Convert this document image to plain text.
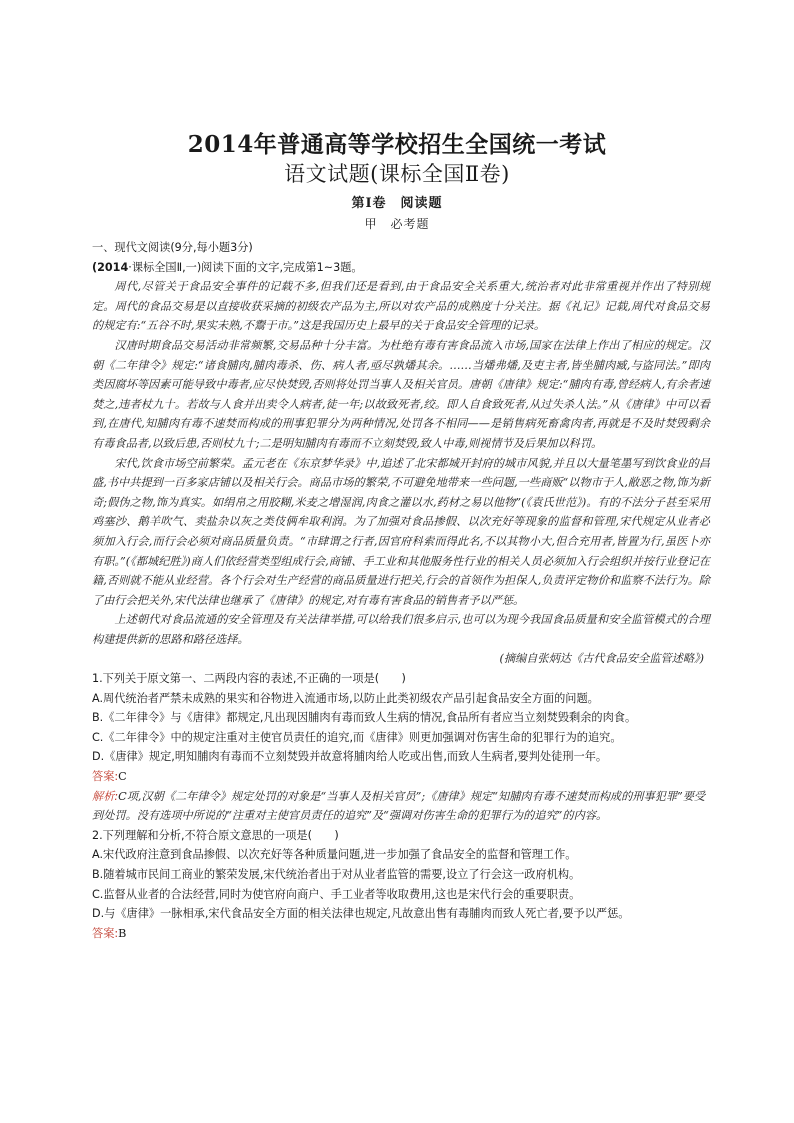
2014年普通高等学校招生全国统一考试
语文试题(课标全国Ⅱ卷)
第Ⅰ卷　阅读题
甲　必考题

一、现代文阅读(9分,每小题3分)

(2014·课标全国Ⅱ,一)阅读下面的文字,完成第1~3题。

周代,尽管关于食品安全事件的记载不多,但我们还是看到,由于食品安全关系重大,统治者对此非常重视并作出了特别规定。周代的食品交易是以直接收获采摘的初级农产品为主,所以对农产品的成熟度十分关注。据《礼记》记载,周代对食品交易的规定有:“五谷不时,果实未熟,不鬻于市。”这是我国历史上最早的关于食品安全管理的记录。

汉唐时期食品交易活动非常频繁,交易品种十分丰富。为杜绝有毒有害食品流入市场,国家在法律上作出了相应的规定。汉朝《二年律令》规定:“诸食脯肉,脯肉毒杀、伤、病人者,亟尽孰燔其余。……当燔弗燔,及吏主者,皆坐脯肉臧,与盗同法。”即肉类因腐坏等因素可能导致中毒者,应尽快焚毁,否则将处罚当事人及相关官员。唐朝《唐律》规定:“脯肉有毒,曾经病人,有余者速焚之,违者杖九十。若故与人食并出卖令人病者,徒一年;以故致死者,绞。即人自食致死者,从过失杀人法。”从《唐律》中可以看到,在唐代,知脯肉有毒不速焚而构成的刑事犯罪分为两种情况,处罚各不相同——是销售病死畜禽肉者,再就是不及时焚毁剩余有毒食品者,以致后患,否则杖九十;二是明知脯肉有毒而不立刻焚毁,致人中毒,则视情节及后果加以科罚。

宋代,饮食市场空前繁荣。孟元老在《东京梦华录》中,追述了北宋都城开封府的城市风貌,并且以大量笔墨写到饮食业的昌盛,书中共提到一百多家店铺以及相关行会。商品市场的繁荣,不可避免地带来一些问题,一些商贩“以物市于人,敝恶之物,饰为新奇;假伪之物,饰为真实。如绢帛之用胶糊,米麦之增湿润,肉食之灌以水,药材之易以他物”(《袁氏世范》)。有的不法分子甚至采用鸡塞沙、鹅羊吹气、卖盐杂以灰之类伎俩牟取利润。为了加强对食品掺假、以次充好等现象的监督和管理,宋代规定从业者必须加入行会,而行会必须对商品质量负责。“市肆谓之行者,因官府科索而得此名,不以其物小大,但合充用者,皆置为行,虽医卜亦有职。”(《都城纪胜》)商人们依经营类型组成行会,商铺、手工业和其他服务性行业的相关人员必须加入行会组织并按行业登记在籍,否则就不能从业经营。各个行会对生产经营的商品质量进行把关,行会的首领作为担保人,负责评定物价和监察不法行为。除了由行会把关外,宋代法律也继承了《唐律》的规定,对有毒有害食品的销售者予以严惩。

上述朝代对食品流通的安全管理及有关法律举措,可以给我们很多启示,也可以为现今我国食品质量和安全监管模式的合理构建提供新的思路和路径选择。

(摘编自张炳达《古代食品安全监管述略》)

1.下列关于原文第一、二两段内容的表述,不正确的一项是(　　)

A.周代统治者严禁未成熟的果实和谷物进入流通市场,以防止此类初级农产品引起食品安全方面的问题。

B.《二年律令》与《唐律》都规定,凡出现因脯肉有毒而致人生病的情况,食品所有者应当立刻焚毁剩余的肉食。

C.《二年律令》中的规定注重对主使官员责任的追究,而《唐律》则更加强调对伤害生命的犯罪行为的追究。

D.《唐律》规定,明知脯肉有毒而不立刻焚毁并故意将脯肉给人吃或出售,而致人生病者,要判处徒刑一年。

答案:C

解析:C项,汉朝《二年律令》规定处罚的对象是“当事人及相关官员”;《唐律》规定“知脯肉有毒不速焚而构成的刑事犯罪”要受到处罚。没有选项中所说的“注重对主使官员责任的追究”及“强调对伤害生命的犯罪行为的追究”的内容。

2.下列理解和分析,不符合原文意思的一项是(　　)

A.宋代政府注意到食品掺假、以次充好等各种质量问题,进一步加强了食品安全的监督和管理工作。

B.随着城市民间工商业的繁荣发展,宋代统治者出于对从业者监管的需要,设立了行会这一政府机构。

C.监督从业者的合法经营,同时为使官府向商户、手工业者等收取费用,这也是宋代行会的重要职责。

D.与《唐律》一脉相承,宋代食品安全方面的相关法律也规定,凡故意出售有毒脯肉而致人死亡者,要予以严惩。

答案:B
